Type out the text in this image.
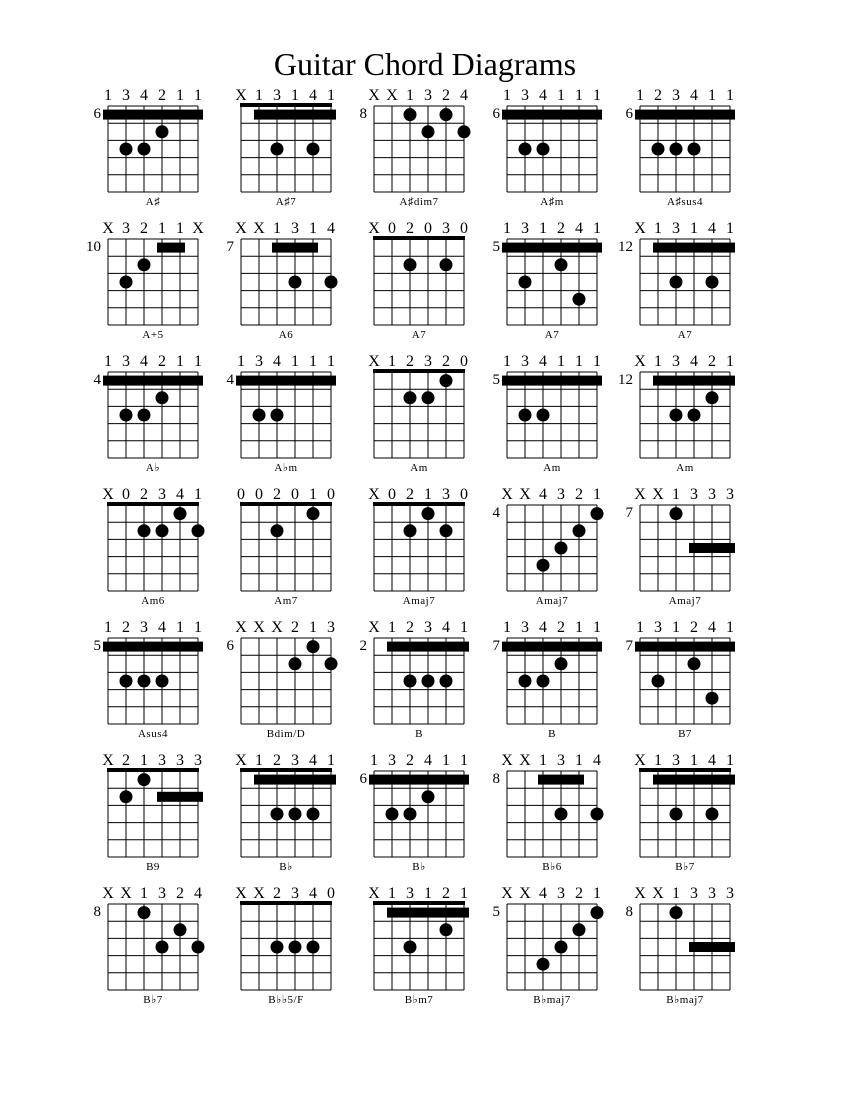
Guitar Chord Diagrams
6
1 3 4 2 1 1
A♯
X 1 3 1 4 1
A♯7
8
X X 1 3 2 4
A♯dim7
6
1 3 4 1 1 1
A♯m
6
1 2 3 4 1 1
A♯sus4
10
X 3 2 1 1 X
A+5
7
X X 1 3 1 4
A6
X 0 2 0 3 0
A7
5
1 3 1 2 4 1
A7
12
X 1 3 1 4 1
A7
4
1 3 4 2 1 1
A♭
4
1 3 4 1 1 1
A♭m
X 1 2 3 2 0
Am
5
1 3 4 1 1 1
Am
12
X 1 3 4 2 1
Am
X 0 2 3 4 1
Am6
0 0 2 0 1 0
Am7
X 0 2 1 3 0
Amaj7
4
X X 4 3 2 1
Amaj7
7
X X 1 3 3 3
Amaj7
5
1 2 3 4 1 1
Asus4
6
X X X 2 1 3
Bdim/D
2
X 1 2 3 4 1
B
7
1 3 4 2 1 1
B
7
1 3 1 2 4 1
B7
X 2 1 3 3 3
B9
X 1 2 3 4 1
B♭
6
1 3 2 4 1 1
B♭
8
X X 1 3 1 4
B♭6
X 1 3 1 4 1
B♭7
8
X X 1 3 2 4
B♭7
X X 2 3 4 0
B♭♭5/F
X 1 3 1 2 1
B♭m7
5
X X 4 3 2 1
B♭maj7
8
X X 1 3 3 3
B♭maj7
